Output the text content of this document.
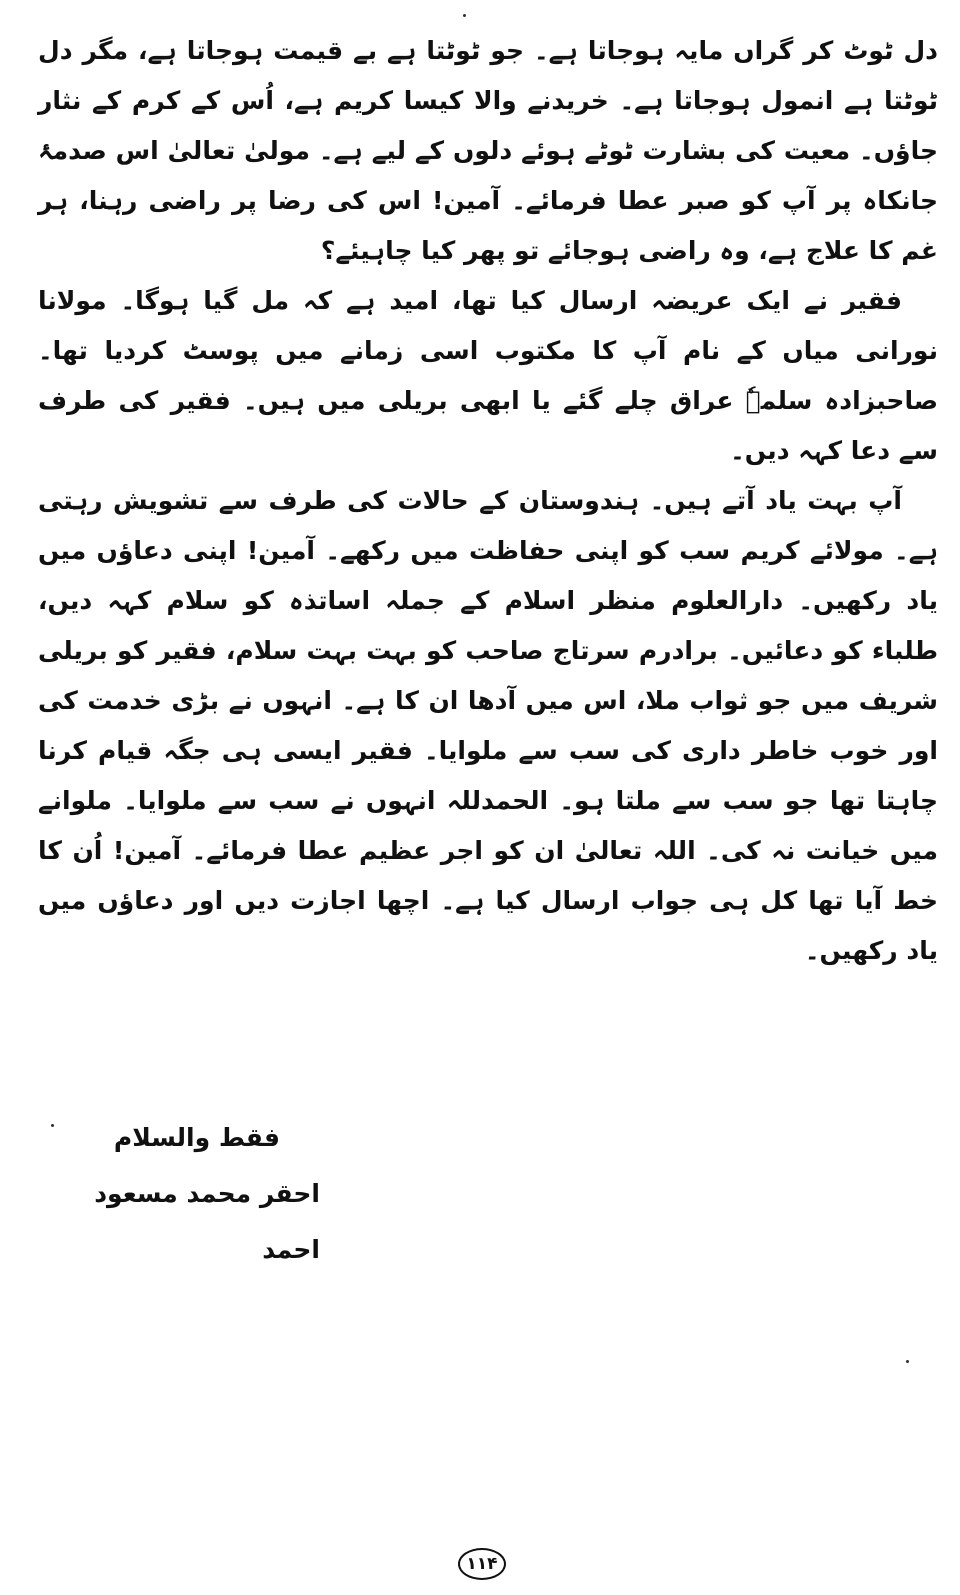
دل ٹوٹ کر گراں مایہ ہوجاتا ہے۔ جو ٹوٹتا ہے بے قیمت ہوجاتا ہے، مگر دل ٹوٹتا ہے انمول ہوجاتا ہے۔ خریدنے والا کیسا کریم ہے، اُس کے کرم کے نثار جاؤں۔ معیت کی بشارت ٹوٹے ہوئے دلوں کے لیے ہے۔ مولیٰ تعالیٰ اس صدمۂ جانکاہ پر آپ کو صبر عطا فرمائے۔ آمین! اس کی رضا پر راضی رہنا، ہر غم کا علاج ہے، وہ راضی ہوجائے تو پھر کیا چاہیئے؟

فقیر نے ایک عریضہ ارسال کیا تھا، امید ہے کہ مل گیا ہوگا۔ مولانا نورانی میاں کے نام آپ کا مکتوب اسی زمانے میں پوسٹ کردیا تھا۔ صاحبزادہ سلمہٗ عراق چلے گئے یا ابھی بریلی میں ہیں۔ فقیر کی طرف سے دعا کہہ دیں۔

آپ بہت یاد آتے ہیں۔ ہندوستان کے حالات کی طرف سے تشویش رہتی ہے۔ مولائے کریم سب کو اپنی حفاظت میں رکھے۔ آمین! اپنی دعاؤں میں یاد رکھیں۔ دارالعلوم منظر اسلام کے جملہ اساتذہ کو سلام کہہ دیں، طلباء کو دعائیں۔ برادرم سرتاج صاحب کو بہت بہت سلام، فقیر کو بریلی شریف میں جو ثواب ملا، اس میں آدھا ان کا ہے۔ انہوں نے بڑی خدمت کی اور خوب خاطر داری کی سب سے ملوایا۔ فقیر ایسی ہی جگہ قیام کرنا چاہتا تھا جو سب سے ملتا ہو۔ الحمدللہ انہوں نے سب سے ملوایا۔ ملوانے میں خیانت نہ کی۔ اللہ تعالیٰ ان کو اجر عظیم عطا فرمائے۔ آمین! اُن کا خط آیا تھا کل ہی جواب ارسال کیا ہے۔ اچھا اجازت دیں اور دعاؤں میں یاد رکھیں۔

فقط والسلام
احقر محمد مسعود احمد
۱۱۴
